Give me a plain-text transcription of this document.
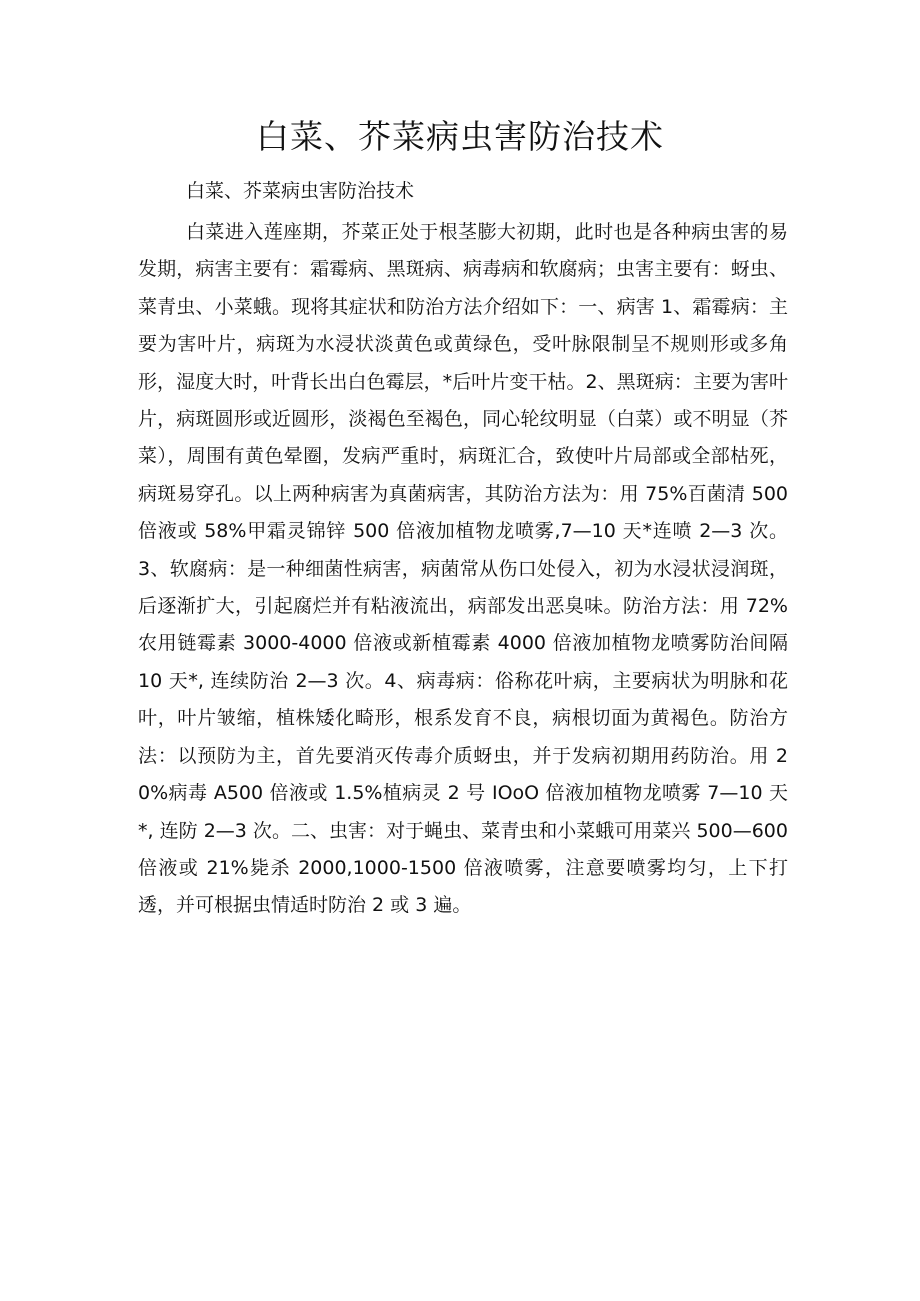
白菜、芥菜病虫害防治技术

白菜、芥菜病虫害防治技术

白菜进入莲座期，芥菜正处于根茎膨大初期，此时也是各种病虫害的易发期，病害主要有：霜霉病、黑斑病、病毒病和软腐病；虫害主要有：蚜虫、菜青虫、小菜蛾。现将其症状和防治方法介绍如下：一、病害 1、霜霉病：主要为害叶片，病斑为水浸状淡黄色或黄绿色，受叶脉限制呈不规则形或多角形，湿度大时，叶背长出白色霉层，*后叶片变干枯。2、黑斑病：主要为害叶片，病斑圆形或近圆形，淡褐色至褐色，同心轮纹明显（白菜）或不明显（芥菜），周围有黄色晕圈，发病严重时，病斑汇合，致使叶片局部或全部枯死，病斑易穿孔。以上两种病害为真菌病害，其防治方法为：用 75%百菌清 500 倍液或 58%甲霜灵锦锌 500 倍液加植物龙喷雾,7—10 天*连喷 2—3 次。3、软腐病：是一种细菌性病害，病菌常从伤口处侵入，初为水浸状浸润斑，后逐渐扩大，引起腐烂并有粘液流出，病部发出恶臭味。防治方法：用 72%农用链霉素 3000-4000 倍液或新植霉素 4000 倍液加植物龙喷雾防治间隔 10 天*, 连续防治 2—3 次。4、病毒病：俗称花叶病，主要病状为明脉和花叶，叶片皱缩，植株矮化畸形，根系发育不良，病根切面为黄褐色。防治方法：以预防为主，首先要消灭传毒介质蚜虫，并于发病初期用药防治。用 20%病毒 A500 倍液或 1.5%植病灵 2 号 IOoO 倍液加植物龙喷雾 7—10 天*, 连防 2—3 次。二、虫害：对于蝇虫、菜青虫和小菜蛾可用菜兴 500—600 倍液或 21%毙杀 2000,1000-1500 倍液喷雾，注意要喷雾均匀，上下打透，并可根据虫情适时防治 2 或 3 遍。
